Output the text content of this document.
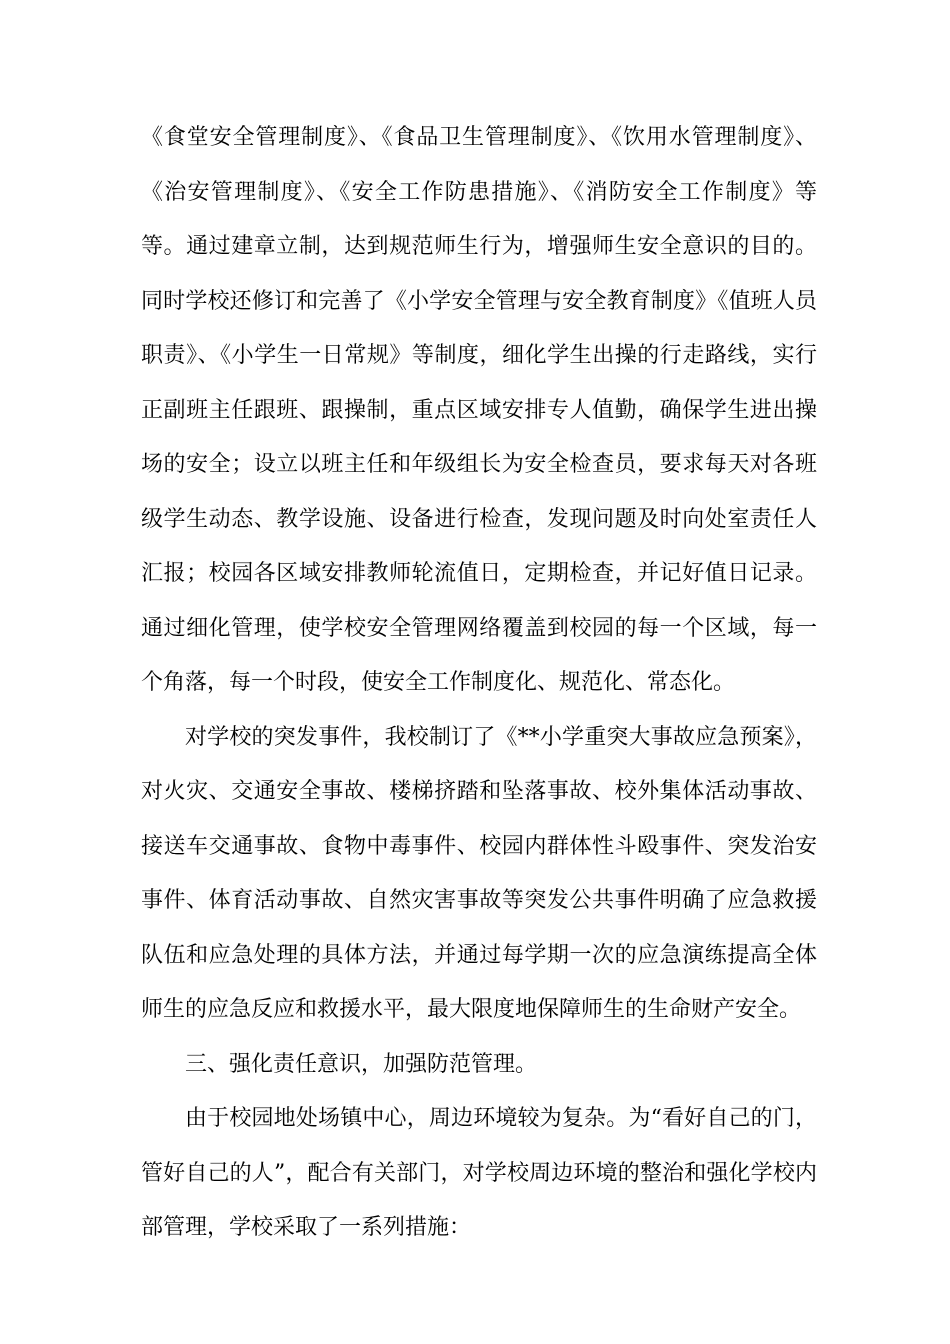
《食堂安全管理制度》、《食品卫生管理制度》、《饮用水管理制度》、《治安管理制度》、《安全工作防患措施》、《消防安全工作制度》等等。通过建章立制，达到规范师生行为，增强师生安全意识的目的。同时学校还修订和完善了《小学安全管理与安全教育制度》《值班人员职责》、《小学生一日常规》等制度，细化学生出操的行走路线，实行正副班主任跟班、跟操制，重点区域安排专人值勤，确保学生进出操场的安全；设立以班主任和年级组长为安全检查员，要求每天对各班级学生动态、教学设施、设备进行检查，发现问题及时向处室责任人汇报；校园各区域安排教师轮流值日，定期检查，并记好值日记录。通过细化管理，使学校安全管理网络覆盖到校园的每一个区域，每一个角落，每一个时段，使安全工作制度化、规范化、常态化。

对学校的突发事件，我校制订了《**小学重突大事故应急预案》，对火灾、交通安全事故、楼梯挤踏和坠落事故、校外集体活动事故、接送车交通事故、食物中毒事件、校园内群体性斗殴事件、突发治安事件、体育活动事故、自然灾害事故等突发公共事件明确了应急救援队伍和应急处理的具体方法，并通过每学期一次的应急演练提高全体师生的应急反应和救援水平，最大限度地保障师生的生命财产安全。

三、强化责任意识，加强防范管理。

由于校园地处场镇中心，周边环境较为复杂。为“看好自己的门，管好自己的人”，配合有关部门，对学校周边环境的整治和强化学校内部管理，学校采取了一系列措施：
